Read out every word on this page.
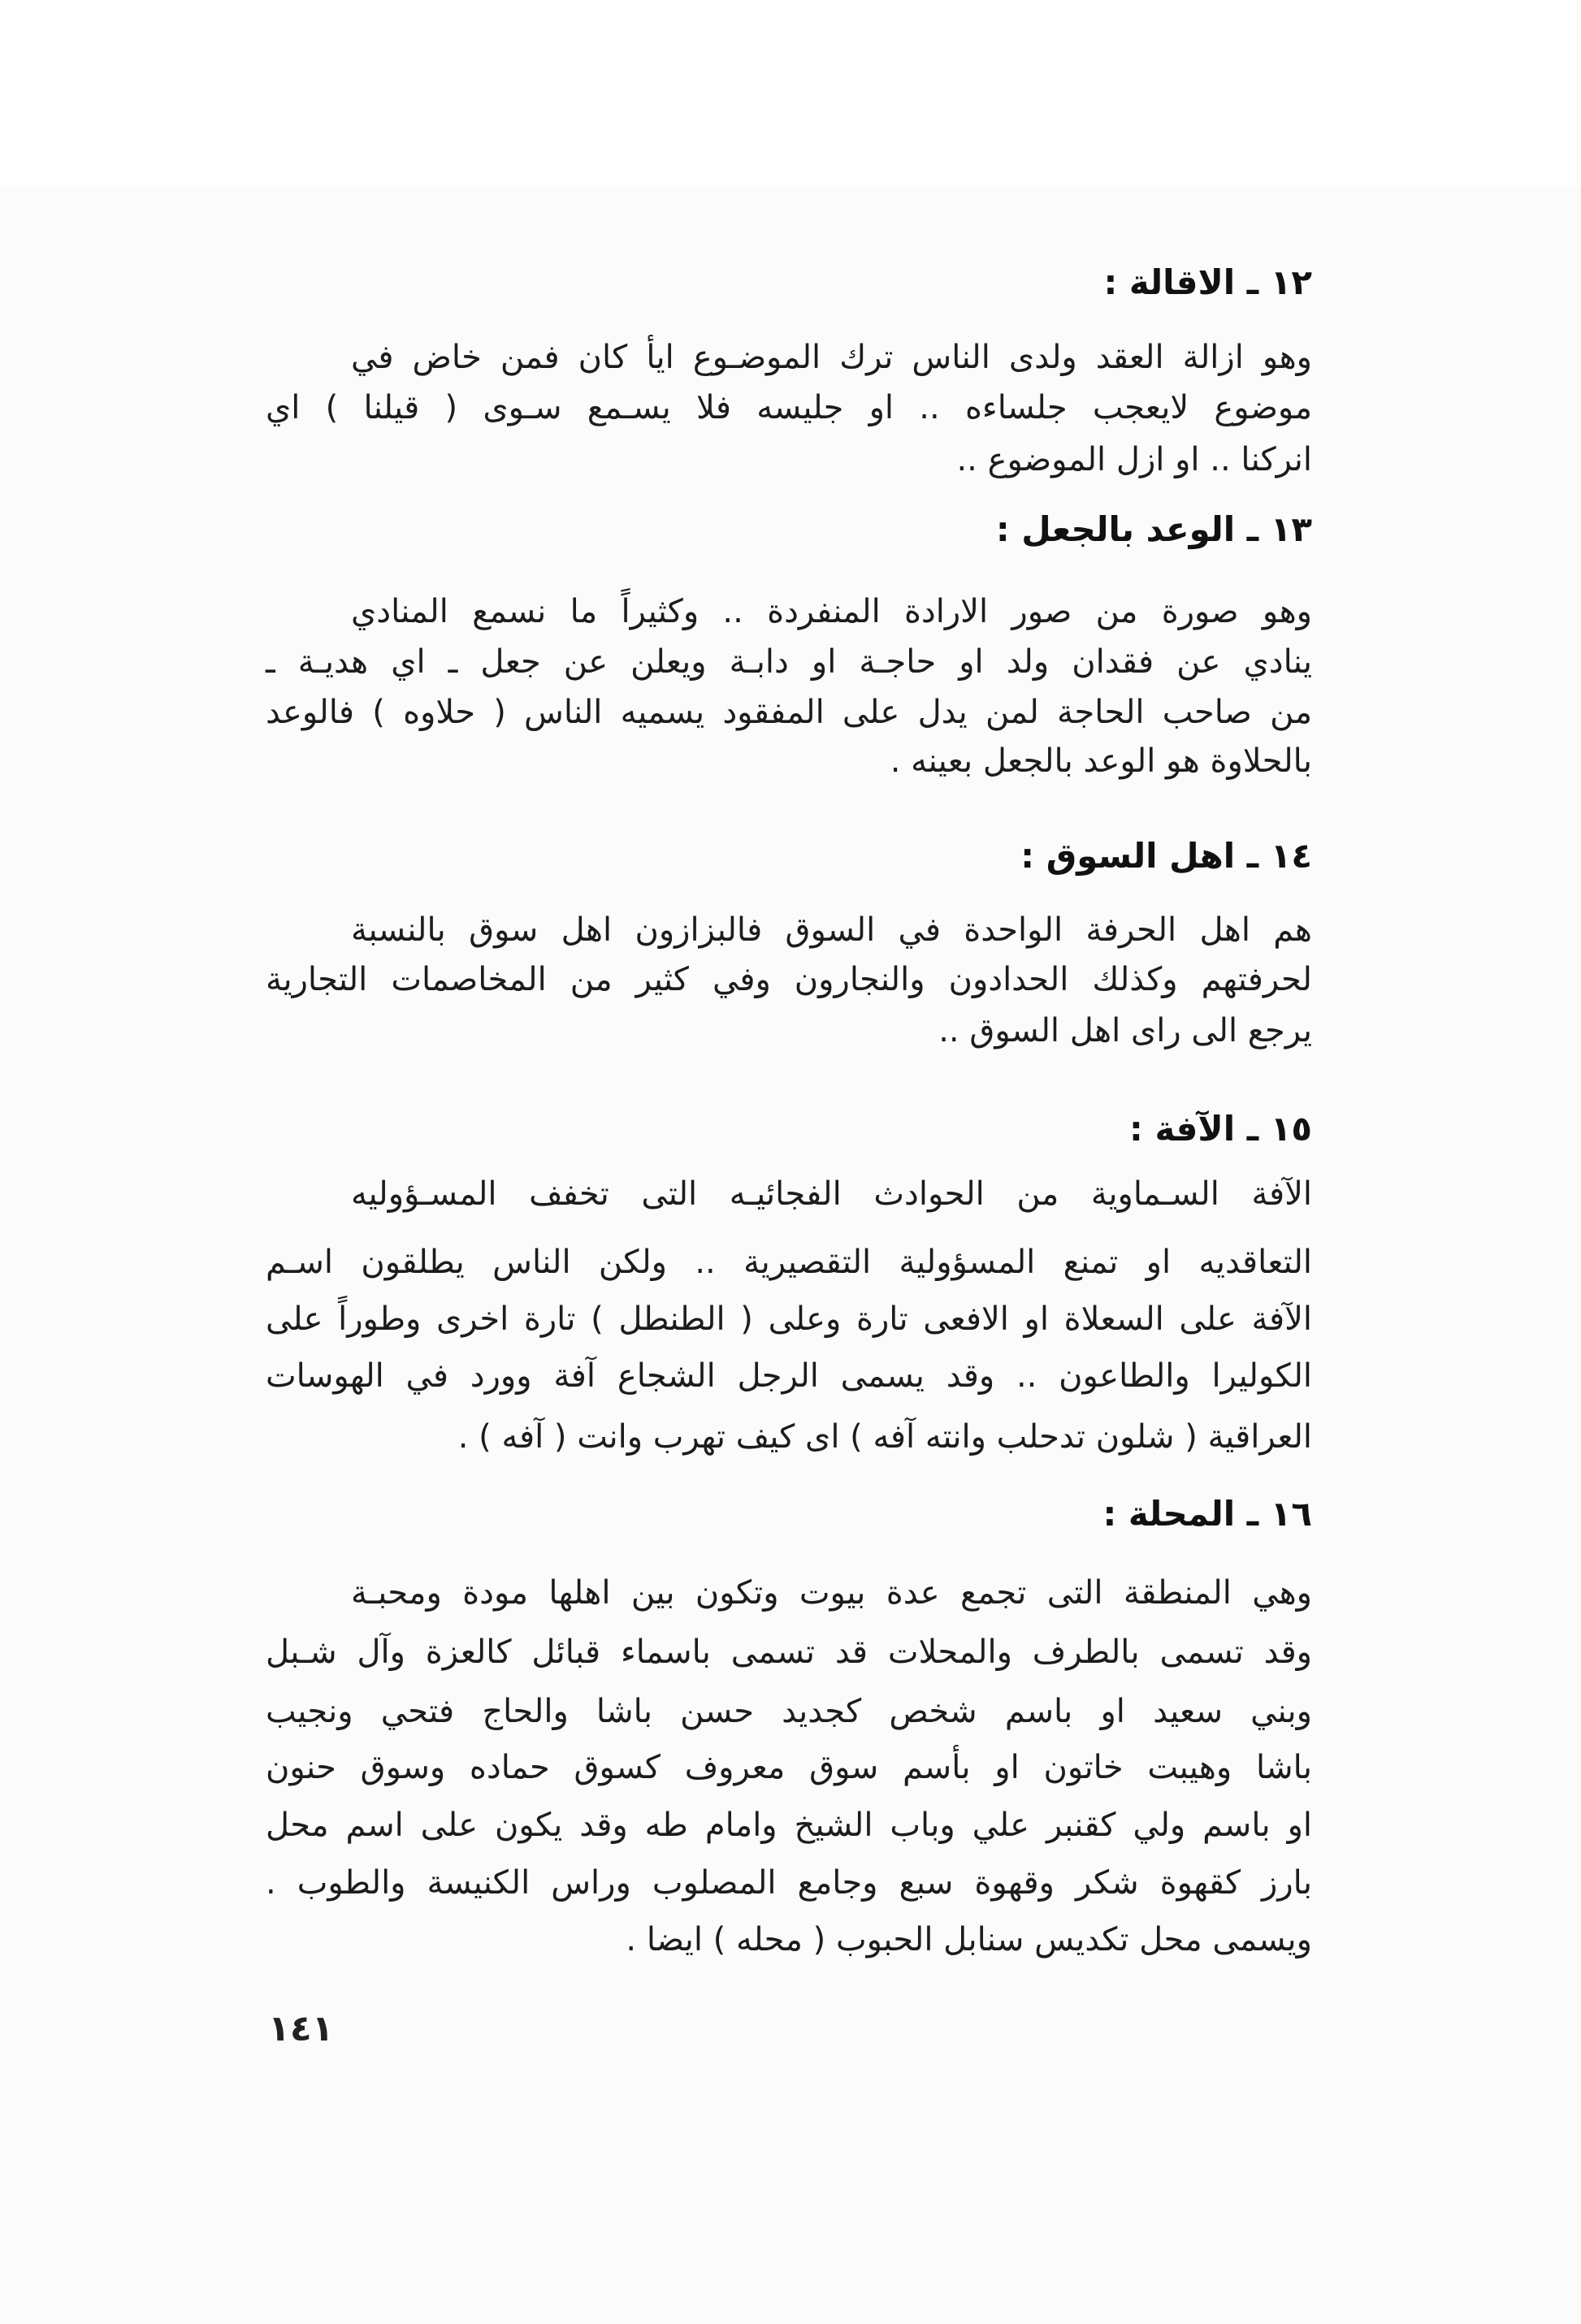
١٢ ـ الاقالة :
وهو ازالة العقد ولدى الناس ترك الموضـوع ايأ كان فمن خاض في
موضوع لايعجب جلساءه .. او جليسه فلا يسـمع سـوى ( قيلنا ) اي
انركنا .. او ازل الموضوع ..
١٣ ـ الوعد بالجعل :
وهو صورة من صور الارادة المنفردة .. وكثيراً ما نسمع المنادي
ينادي عن فقدان ولد او حاجـة او دابـة ويعلن عن جعل ـ اي هديـة ـ
من صاحب الحاجة لمن يدل على المفقود يسميه الناس ( حلاوه ) فالوعد
بالحلاوة هو الوعد بالجعل بعينه .
١٤ ـ اهل السوق :
هم اهل الحرفة الواحدة في السوق فالبزازون اهل سوق بالنسبة
لحرفتهم وكذلك الحدادون والنجارون وفي كثير من المخاصمات التجارية
يرجع الى راى اهل السوق ..
١٥ ـ الآفة :
الآفة السـماوية من الحوادث الفجائيـه التى تخفف المسـؤوليه
التعاقديه او تمنع المسؤولية التقصيرية .. ولكن الناس يطلقون اسـم
الآفة على السعلاة او الافعى تارة وعلى ( الطنطل ) تارة اخرى وطوراً على
الكوليرا والطاعون .. وقد يسمى الرجل الشجاع آفة وورد في الهوسات
العراقية ( شلون تدحلب وانته آفه ) اى كيف تهرب وانت ( آفه ) .
١٦ ـ المحلة :
وهي المنطقة التى تجمع عدة بيوت وتكون بين اهلها مودة ومحبـة
وقد تسمى بالطرف والمحلات قد تسمى باسماء قبائل كالعزة وآل شـبل
وبني سعيد او باسم شخص كجديد حسن باشا والحاج فتحي ونجيب
باشا وهيبت خاتون او بأسم سوق معروف كسوق حماده وسوق حنون
او باسم ولي كقنبر علي وباب الشيخ وامام طه وقد يكون على اسم محل
بارز كقهوة شكر وقهوة سبع وجامع المصلوب وراس الكنيسة والطوب .
ويسمى محل تكديس سنابل الحبوب ( محله ) ايضا .
١٤١
